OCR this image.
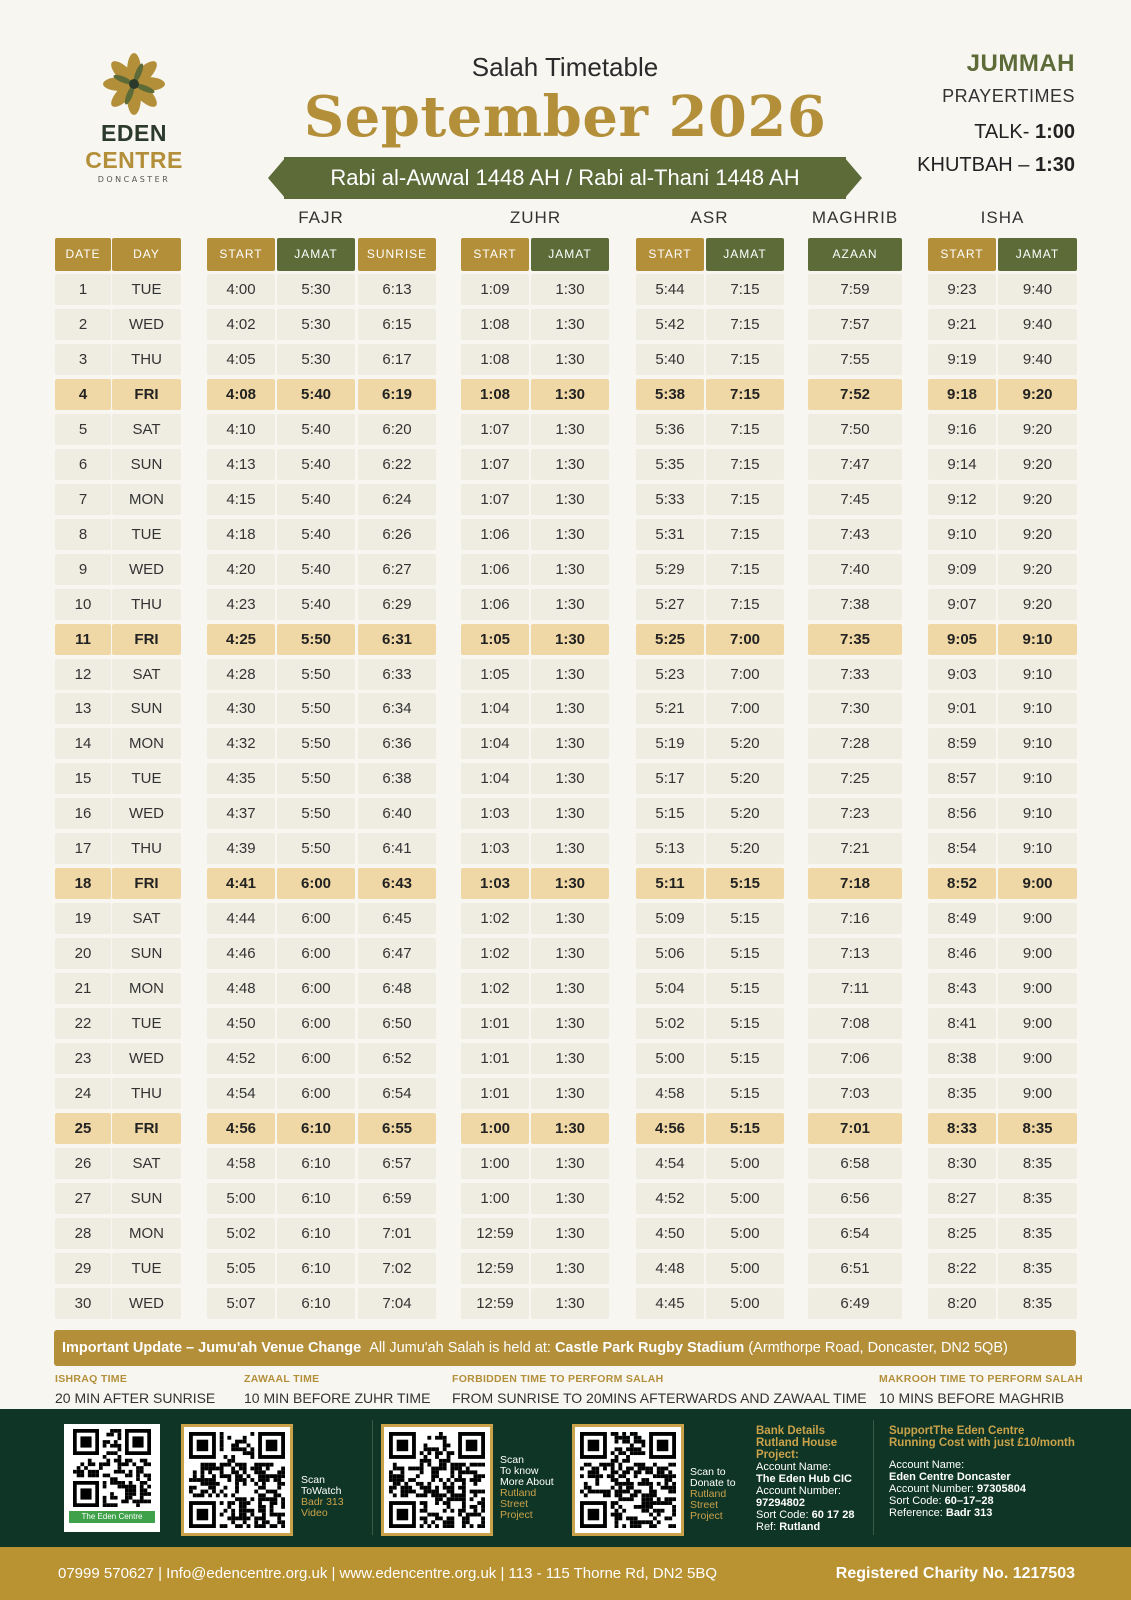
EDEN CENTRE
DONCASTER
Salah Timetable
September 2026
Rabi al-Awwal 1448 AH / Rabi al-Thani 1448 AH
JUMMAH
PRAYERTIMES
TALK- 1:00
KHUTBAH – 1:30
FAJR	ZUHR	ASR	MAGHRIB	ISHA
DATE	DAY	START	JAMAT	SUNRISE	START	JAMAT	START	JAMAT	AZAAN	START	JAMAT
1	TUE	4:00	5:30	6:13	1:09	1:30	5:44	7:15	7:59	9:23	9:40
2	WED	4:02	5:30	6:15	1:08	1:30	5:42	7:15	7:57	9:21	9:40
3	THU	4:05	5:30	6:17	1:08	1:30	5:40	7:15	7:55	9:19	9:40
4	FRI	4:08	5:40	6:19	1:08	1:30	5:38	7:15	7:52	9:18	9:20
5	SAT	4:10	5:40	6:20	1:07	1:30	5:36	7:15	7:50	9:16	9:20
6	SUN	4:13	5:40	6:22	1:07	1:30	5:35	7:15	7:47	9:14	9:20
7	MON	4:15	5:40	6:24	1:07	1:30	5:33	7:15	7:45	9:12	9:20
8	TUE	4:18	5:40	6:26	1:06	1:30	5:31	7:15	7:43	9:10	9:20
9	WED	4:20	5:40	6:27	1:06	1:30	5:29	7:15	7:40	9:09	9:20
10	THU	4:23	5:40	6:29	1:06	1:30	5:27	7:15	7:38	9:07	9:20
11	FRI	4:25	5:50	6:31	1:05	1:30	5:25	7:00	7:35	9:05	9:10
12	SAT	4:28	5:50	6:33	1:05	1:30	5:23	7:00	7:33	9:03	9:10
13	SUN	4:30	5:50	6:34	1:04	1:30	5:21	7:00	7:30	9:01	9:10
14	MON	4:32	5:50	6:36	1:04	1:30	5:19	5:20	7:28	8:59	9:10
15	TUE	4:35	5:50	6:38	1:04	1:30	5:17	5:20	7:25	8:57	9:10
16	WED	4:37	5:50	6:40	1:03	1:30	5:15	5:20	7:23	8:56	9:10
17	THU	4:39	5:50	6:41	1:03	1:30	5:13	5:20	7:21	8:54	9:10
18	FRI	4:41	6:00	6:43	1:03	1:30	5:11	5:15	7:18	8:52	9:00
19	SAT	4:44	6:00	6:45	1:02	1:30	5:09	5:15	7:16	8:49	9:00
20	SUN	4:46	6:00	6:47	1:02	1:30	5:06	5:15	7:13	8:46	9:00
21	MON	4:48	6:00	6:48	1:02	1:30	5:04	5:15	7:11	8:43	9:00
22	TUE	4:50	6:00	6:50	1:01	1:30	5:02	5:15	7:08	8:41	9:00
23	WED	4:52	6:00	6:52	1:01	1:30	5:00	5:15	7:06	8:38	9:00
24	THU	4:54	6:00	6:54	1:01	1:30	4:58	5:15	7:03	8:35	9:00
25	FRI	4:56	6:10	6:55	1:00	1:30	4:56	5:15	7:01	8:33	8:35
26	SAT	4:58	6:10	6:57	1:00	1:30	4:54	5:00	6:58	8:30	8:35
27	SUN	5:00	6:10	6:59	1:00	1:30	4:52	5:00	6:56	8:27	8:35
28	MON	5:02	6:10	7:01	12:59	1:30	4:50	5:00	6:54	8:25	8:35
29	TUE	5:05	6:10	7:02	12:59	1:30	4:48	5:00	6:51	8:22	8:35
30	WED	5:07	6:10	7:04	12:59	1:30	4:45	5:00	6:49	8:20	8:35
Important Update – Jumu'ah Venue Change All Jumu'ah Salah is held at: Castle Park Rugby Stadium (Armthorpe Road, Doncaster, DN2 5QB)
ISHRAQ TIME
20 MIN AFTER SUNRISE
ZAWAAL TIME
10 MIN BEFORE ZUHR TIME
FORBIDDEN TIME TO PERFORM SALAH
FROM SUNRISE TO 20MINS AFTERWARDS AND ZAWAAL TIME
MAKROOH TIME TO PERFORM SALAH
10 MINS BEFORE MAGHRIB
The Eden Centre
Scan
ToWatch
Badr 313
Video
Scan
To know
More About
Rutland
Street
Project
Scan to
Donate to
Rutland
Street
Project
Bank Details
Rutland House
Project:
Account Name:
The Eden Hub CIC
Account Number:
97294802
Sort Code: 60 17 28
Ref: Rutland
SupportThe Eden Centre
Running Cost with just £10/month
Account Name:
Eden Centre Doncaster
Account Number: 97305804
Sort Code: 60–17–28
Reference: Badr 313
07999 570627 | Info@edencentre.org.uk | www.edencentre.org.uk | 113 - 115 Thorne Rd, DN2 5BQ	Registered Charity No. 1217503
